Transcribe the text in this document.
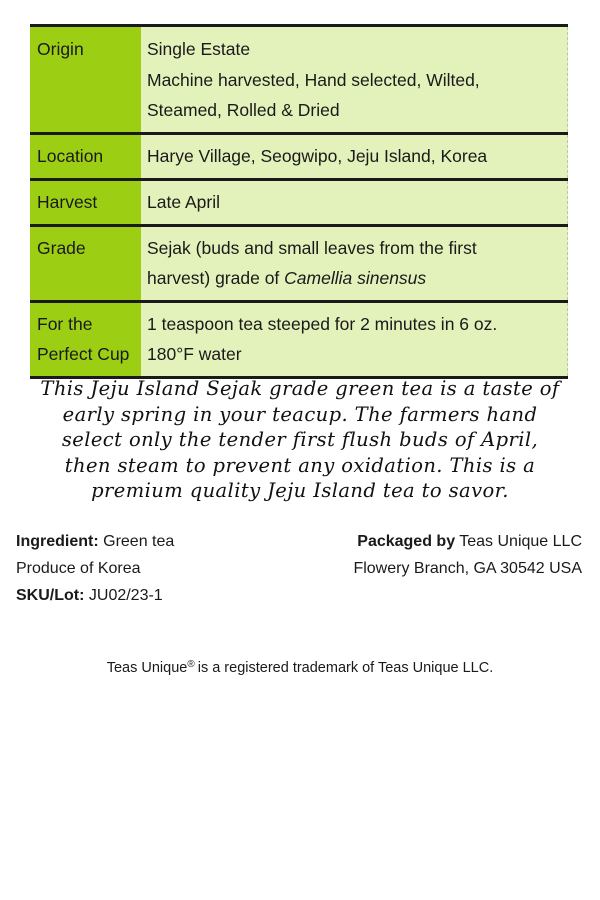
Origin	Single Estate
Machine harvested, Hand selected, Wilted,
Steamed, Rolled & Dried

Location	Harye Village, Seogwipo, Jeju Island, Korea
Harvest	Late April
Grade	Sejak (buds and small leaves from the first
harvest) grade of Camellia sinensus

For the
Perfect Cup	1 teaspoon tea steeped for 2 minutes in 6 oz.
180°F water
This Jeju Island Sejak grade green tea is a taste of
early spring in your teacup. The farmers hand
select only the tender first flush buds of April,
then steam to prevent any oxidation. This is a
premium quality Jeju Island tea to savor.
Ingredient: Green tea
Produce of Korea
SKU/Lot: JU02/23-1
Packaged by Teas Unique LLC
Flowery Branch, GA 30542 USA
Teas Unique® is a registered trademark of Teas Unique LLC.
